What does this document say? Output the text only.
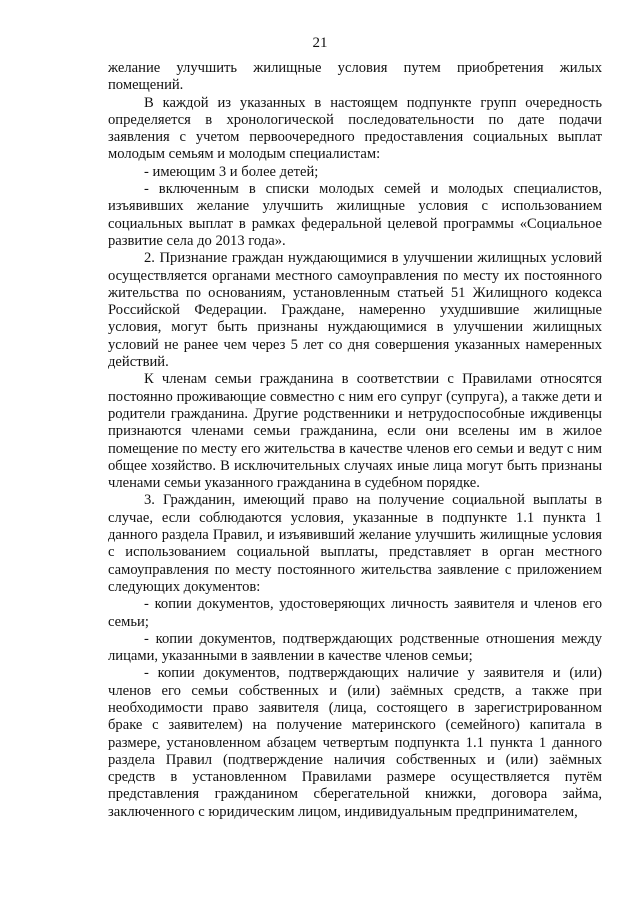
21

желание улучшить жилищные условия путем приобретения жилых помещений.

В каждой из указанных в настоящем подпункте групп очередность определяется в хронологической последовательности по дате подачи заявления с учетом первоочередного предоставления социальных выплат молодым семьям и молодым специалистам:

- имеющим 3 и более детей;

- включенным в списки молодых семей и молодых специалистов, изъявивших желание улучшить жилищные условия с использованием социальных выплат в рамках федеральной целевой программы «Социальное развитие села до 2013 года».

2. Признание граждан нуждающимися в улучшении жилищных условий осуществляется органами местного самоуправления по месту их постоянного жительства по основаниям, установленным статьей 51 Жилищного кодекса Российской Федерации. Граждане, намеренно ухудшившие жилищные условия, могут быть признаны нуждающимися в улучшении жилищных условий не ранее чем через 5 лет со дня совершения указанных намеренных действий.

К членам семьи гражданина в соответствии с Правилами относятся постоянно проживающие совместно с ним его супруг (супруга), а также дети и родители гражданина. Другие родственники и нетрудоспособные иждивенцы признаются членами семьи гражданина, если они вселены им в жилое помещение по месту его жительства в качестве членов его семьи и ведут с ним общее хозяйство. В исключительных случаях иные лица могут быть признаны членами семьи указанного гражданина в судебном порядке.

3. Гражданин, имеющий право на получение социальной выплаты в случае, если соблюдаются условия, указанные в подпункте 1.1 пункта 1 данного раздела Правил, и изъявивший желание улучшить жилищные условия с использованием социальной выплаты, представляет в орган местного самоуправления по месту постоянного жительства заявление с приложением следующих документов:

- копии документов, удостоверяющих личность заявителя и членов его семьи;

- копии документов, подтверждающих родственные отношения между лицами, указанными в заявлении в качестве членов семьи;

- копии документов, подтверждающих наличие у заявителя и (или) членов его семьи собственных и (или) заёмных средств, а также при необходимости право заявителя (лица, состоящего в зарегистрированном браке с заявителем) на получение материнского (семейного) капитала в размере, установленном абзацем четвертым подпункта 1.1 пункта 1 данного раздела Правил (подтверждение наличия собственных и (или) заёмных средств в установленном Правилами размере осуществляется путём представления гражданином сберегательной книжки, договора займа, заключенного с юридическим лицом, индивидуальным предпринимателем,
